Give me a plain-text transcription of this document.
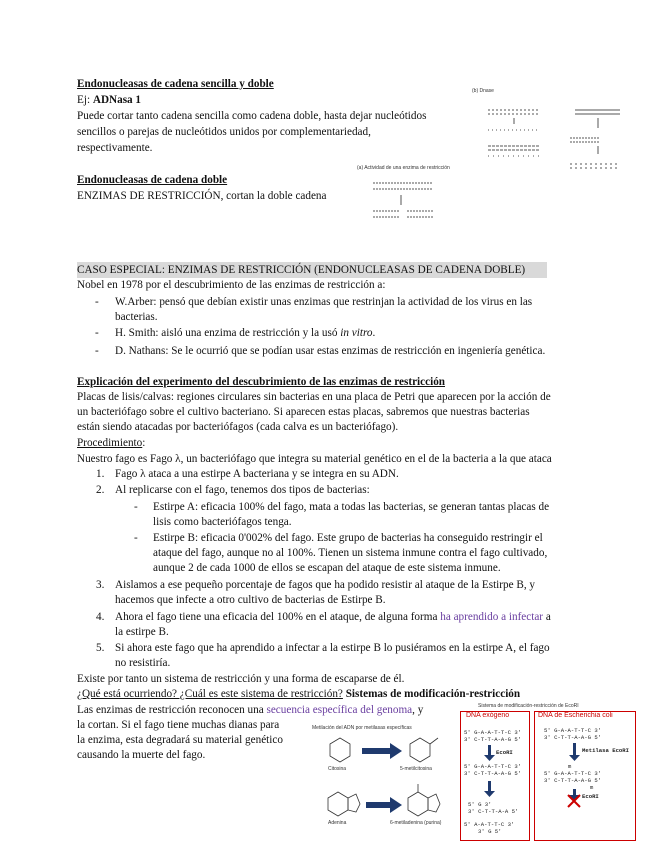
Endonucleasas de cadena sencilla y doble
Ej: ADNasa 1
Puede cortar tanto cadena sencilla como cadena doble, hasta dejar nucleótidos
sencillos o parejas de nucleótidos unidos por complementariedad,
respectivamente.
(b) Dnase
Endonucleasas de cadena doble
ENZIMAS DE RESTRICCIÓN, cortan la doble cadena
(a) Actividad de una enzima de restricción
CASO ESPECIAL: ENZIMAS DE RESTRICCIÓN (ENDONUCLEASAS DE CADENA DOBLE)
Nobel en 1978 por el descubrimiento de las enzimas de restricción a:
- W.Arber: pensó que debían existir unas enzimas que restrinjan la actividad de los virus en las
bacterias.
- H. Smith: aisló una enzima de restricción y la usó in vitro.
- D. Nathans: Se le ocurrió que se podían usar estas enzimas de restricción en ingeniería genética.
Explicación del experimento del descubrimiento de las enzimas de restricción
Placas de lisis/calvas: regiones circulares sin bacterias en una placa de Petri que aparecen por la acción de
un bacteriófago sobre el cultivo bacteriano. Si aparecen estas placas, sabremos que nuestras bacterias
están siendo atacadas por bacteriófagos (cada calva es un bacteriófago).
Procedimiento:
Nuestro fago es Fago λ, un bacteriófago que integra su material genético en el de la bacteria a la que ataca
1. Fago λ ataca a una estirpe A bacteriana y se integra en su ADN.
2. Al replicarse con el fago, tenemos dos tipos de bacterias:
- Estirpe A: eficacia 100% del fago, mata a todas las bacterias, se generan tantas placas de
lisis como bacteriófagos tenga.
- Estirpe B: eficacia 0'002% del fago. Este grupo de bacterias ha conseguido restringir el
ataque del fago, aunque no al 100%. Tienen un sistema inmune contra el fago cultivado,
aunque 2 de cada 1000 de ellos se escapan del ataque de este sistema inmune.
3. Aislamos a ese pequeño porcentaje de fagos que ha podido resistir al ataque de la Estirpe B, y
hacemos que infecte a otro cultivo de bacterias de Estirpe B.
4. Ahora el fago tiene una eficacia del 100% en el ataque, de alguna forma ha aprendido a infectar a
la estirpe B.
5. Si ahora este fago que ha aprendido a infectar a la estirpe B lo pusiéramos en la estirpe A, el fago
no resistiría.
Existe por tanto un sistema de restricción y una forma de escaparse de él.
¿Qué está ocurriendo? ¿Cuál es este sistema de restricción? Sistemas de modificación-restricción
Las enzimas de restricción reconocen una secuencia específica del genoma, y
la cortan. Si el fago tiene muchas dianas para
la enzima, esta degradará su material genético
causando la muerte del fago.
Metilación del ADN por metilasas específicas
Citosina	5-metilcitosina
Adenina	6-metiladenina (purina)
Sistema de modificación-restricción de EcoRI
DNA exógeno	DNA de Escherichia coli
5' G-A-A-T-T-C 3'
3' C-T-T-A-A-G 5'
EcoRI
5' G-A-A-T-T-C 3'
3' C-T-T-A-A-G 5'
5' G 3'
3' C-T-T-A-A 5'
5' A-A-T-T-C 3'
3' G 5'
5' G-A-A-T-T-C 3'
3' C-T-T-A-A-G 5'
Metilasa EcoRI
m
5' G-A-A-T-T-C 3'
3' C-T-T-A-A-G 5'
m
EcoRI
